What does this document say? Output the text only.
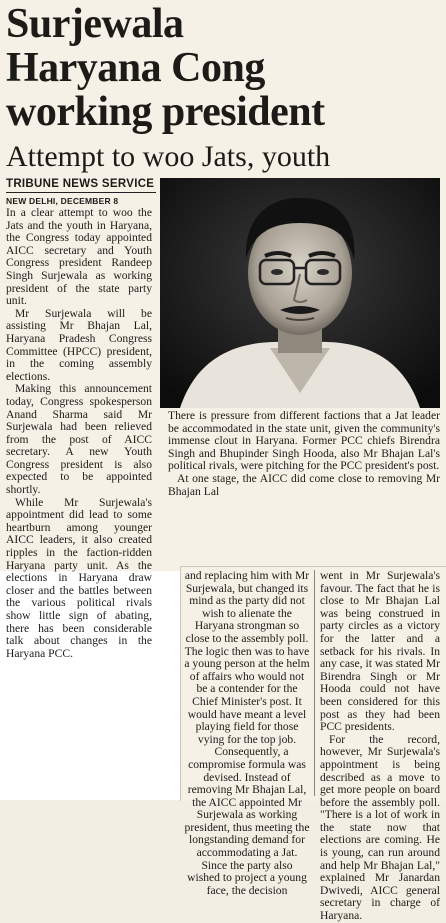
Surjewala
Haryana Cong
working president
Attempt to woo Jats, youth
TRIBUNE NEWS SERVICE
NEW DELHI, DECEMBER 8

In a clear attempt to woo the Jats and the youth in Haryana, the Congress today appointed AICC secretary and Youth Congress president Randeep Singh Surjewala as working president of the state party unit.

Mr Surjewala will be assisting Mr Bhajan Lal, Haryana Pradesh Congress Committee (HPCC) president, in the coming assembly elections.

Making this announcement today, Congress spokesperson Anand Sharma said Mr Surjewala had been relieved from the post of AICC secretary. A new Youth Congress president is also expected to be appointed shortly.

While Mr Surjewala's appointment did lead to some heartburn among younger AICC leaders, it also created ripples in the faction-ridden Haryana party unit. As the elections in Haryana draw closer and the battles between the various political rivals show little sign of abating, there has been considerable talk about changes in the Haryana PCC.

There is pressure from different factions that a Jat leader be accommodated in the state unit, given the community's immense clout in Haryana. Former PCC chiefs Birendra Singh and Bhupinder Singh Hooda, also Mr Bhajan Lal's political rivals, were pitching for the PCC president's post.

At one stage, the AICC did come close to removing Mr Bhajan Lal

and replacing him with Mr Surjewala, but changed its mind as the party did not wish to alienate the Haryana strongman so close to the assembly poll. The logic then was to have a young person at the helm of affairs who would not be a contender for the Chief Minister's post. It would have meant a level playing field for those vying for the top job.

Consequently, a compromise formula was devised. Instead of removing Mr Bhajan Lal, the AICC appointed Mr Surjewala as working president, thus meeting the longstanding demand for accommodating a Jat. Since the party also wished to project a young face, the decision

went in Mr Surjewala's favour. The fact that he is close to Mr Bhajan Lal was being construed in party circles as a victory for the latter and a setback for his rivals. In any case, it was stated Mr Birendra Singh or Mr Hooda could not have been considered for this post as they had been PCC presidents.

For the record, however, Mr Surjewala's appointment is being described as a move to get more people on board before the assembly poll. "There is a lot of work in the state now that elections are coming. He is young, can run around and help Mr Bhajan Lal," explained Mr Janardan Dwivedi, AICC general secretary in charge of Haryana.
